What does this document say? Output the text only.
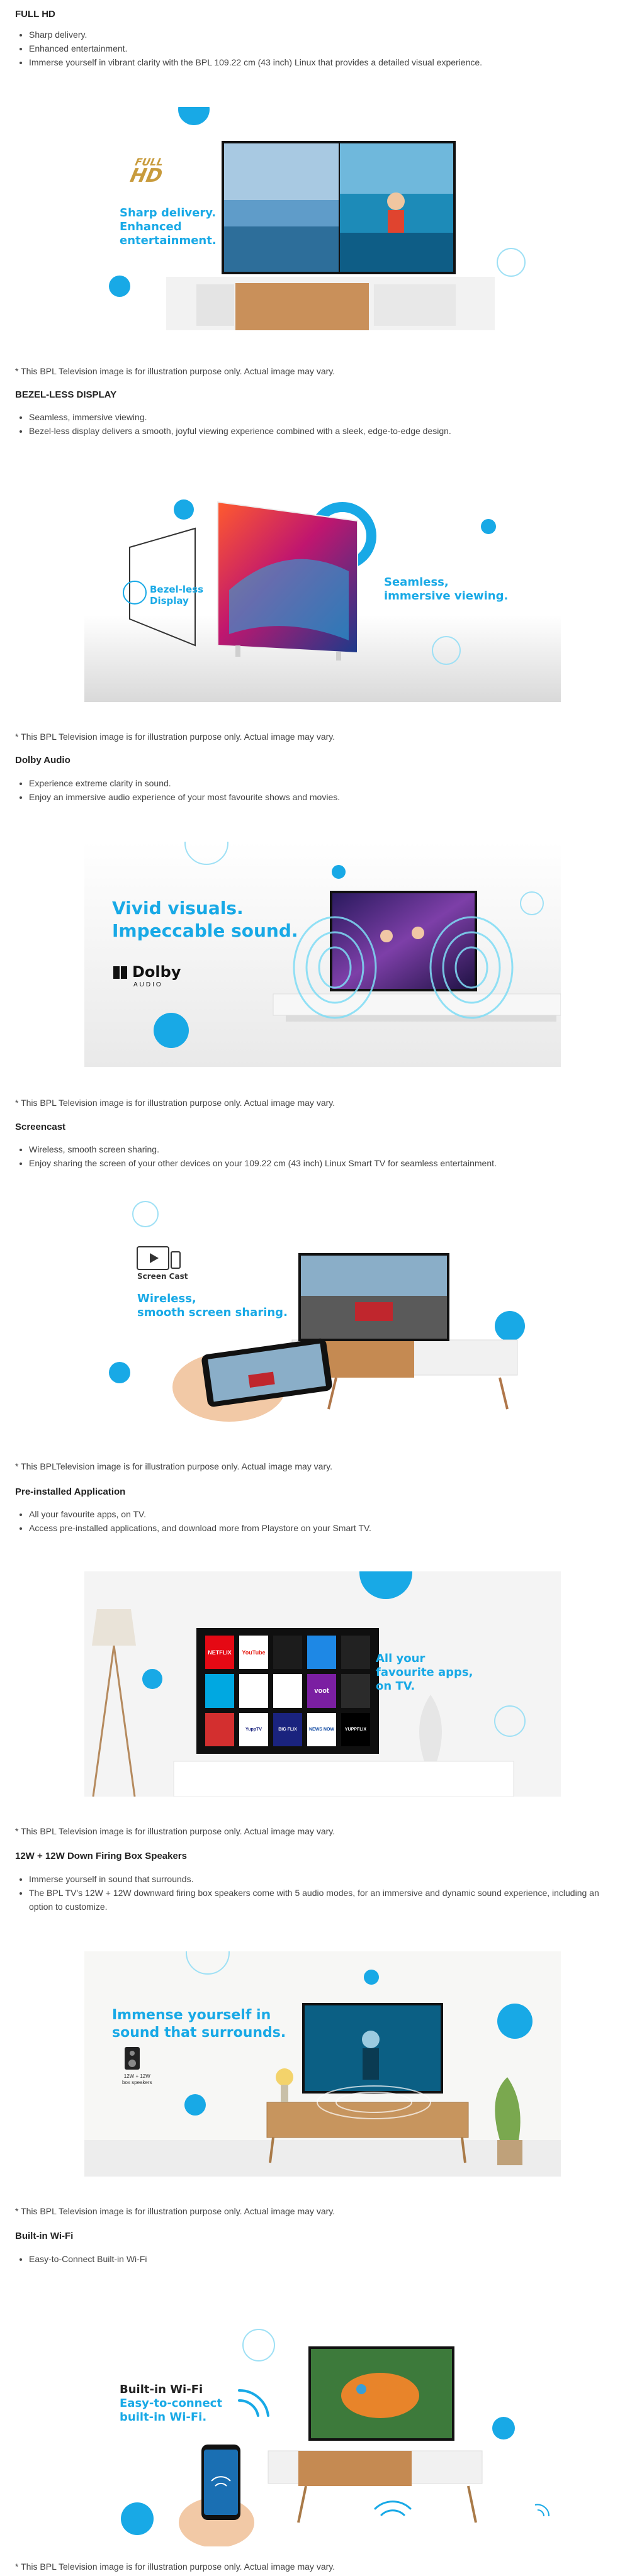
FULL HD
• Sharp delivery.
• Enhanced entertainment.
• Immerse yourself in vibrant clarity with the BPL 109.22 cm (43 inch) Linux that provides a detailed visual experience.
FULL
HD
Sharp delivery.
Enhanced
entertainment.
* This BPL Television image is for illustration purpose only. Actual image may vary.
BEZEL-LESS DISPLAY
• Seamless, immersive viewing.
• Bezel-less display delivers a smooth, joyful viewing experience combined with a sleek, edge-to-edge design.
Bezel-less
Display
Seamless,
immersive viewing.
* This BPL Television image is for illustration purpose only. Actual image may vary.
Dolby Audio
• Experience extreme clarity in sound.
• Enjoy an immersive audio experience of your most favourite shows and movies.
Vivid visuals.
Impeccable sound.
Dolby
AUDIO
* This BPL Television image is for illustration purpose only. Actual image may vary.
Screencast
• Wireless, smooth screen sharing.
• Enjoy sharing the screen of your other devices on your 109.22 cm (43 inch) Linux Smart TV for seamless entertainment.
Screen Cast
Wireless,
smooth screen sharing.
* This BPLTelevision image is for illustration purpose only. Actual image may vary.
Pre-installed Application
• All your favourite apps, on TV.
• Access pre-installed applications, and download more from Playstore on your Smart TV.
NETFLIX	YouTube
voot
YuppTV	BIG FLIX	NEWS NOW	YUPPFLIX
All your
favourite apps,
on TV.
* This BPL Television image is for illustration purpose only. Actual image may vary.
12W + 12W Down Firing Box Speakers
• Immerse yourself in sound that surrounds.
• The BPL TV's 12W + 12W downward firing box speakers come with 5 audio modes, for an immersive and dynamic sound experience, including an option to customize.
Immense yourself in
sound that surrounds.
12W + 12W
box speakers
* This BPL Television image is for illustration purpose only. Actual image may vary.
Built-in Wi-Fi
• Easy-to-Connect Built-in Wi-Fi
Built-in Wi-Fi
Easy-to-connect
built-in Wi-Fi.
* This BPL Television image is for illustration purpose only. Actual image may vary.
